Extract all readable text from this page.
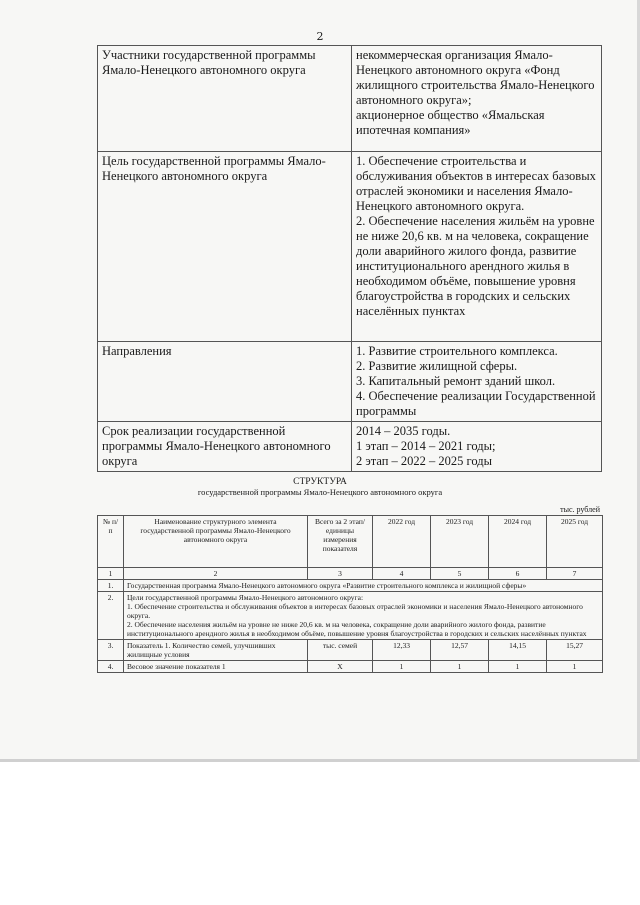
2
Участники государственной программы Ямало-Ненецкого автономного округа	некоммерческая организация Ямало-Ненецкого автономного округа «Фонд жилищного строительства Ямало-Ненецкого автономного округа»;
акционерное общество «Ямальская ипотечная компания»

Цель государственной программы Ямало-Ненецкого автономного округа	1. Обеспечение строительства и обслуживания объектов в интересах базовых отраслей экономики и населения Ямало-Ненецкого автономного округа.
2. Обеспечение населения жильём на уровне не ниже 20,6 кв. м на человека, сокращение доли аварийного жилого фонда, развитие институционального арендного жилья в необходимом объёме, повышение уровня благоустройства в городских и сельских населённых пунктах

Направления	1. Развитие строительного комплекса.
2. Развитие жилищной сферы.
3. Капитальный ремонт зданий школ.
4. Обеспечение реализации Государственной программы

Срок реализации государственной программы Ямало-Ненецкого автономного округа	2014 – 2035 годы.
1 этап – 2014 – 2021 годы;
2 этап – 2022 – 2025 годы
СТРУКТУРА
государственной программы Ямало-Ненецкого автономного округа
тыс. рублей
№ п/п	Наименование структурного элемента государственной программы Ямало-Ненецкого автономного округа	Всего за 2 этап/ единицы измерения показателя	2022 год	2023 год	2024 год	2025 год
1	2	3	4	5	6	7
1.	Государственная программа Ямало-Ненецкого автономного округа «Развитие строительного комплекса и жилищной сферы»					
2.	Цели государственной программы Ямало-Ненецкого автономного округа:
1. Обеспечение строительства и обслуживания объектов в интересах базовых отраслей экономики и населения Ямало-Ненецкого автономного округа.
2. Обеспечение населения жильём на уровне не ниже 20,6 кв. м на человека, сокращение доли аварийного жилого фонда, развитие институционального арендного жилья в необходимом объёме, повышение уровня благоустройства в городских и сельских населённых пунктах					

3.	Показатель 1. Количество семей, улучшивших жилищные условия	тыс. семей	12,33	12,57	14,15	15,27
4.	Весовое значение показателя 1	X	1	1	1	1
